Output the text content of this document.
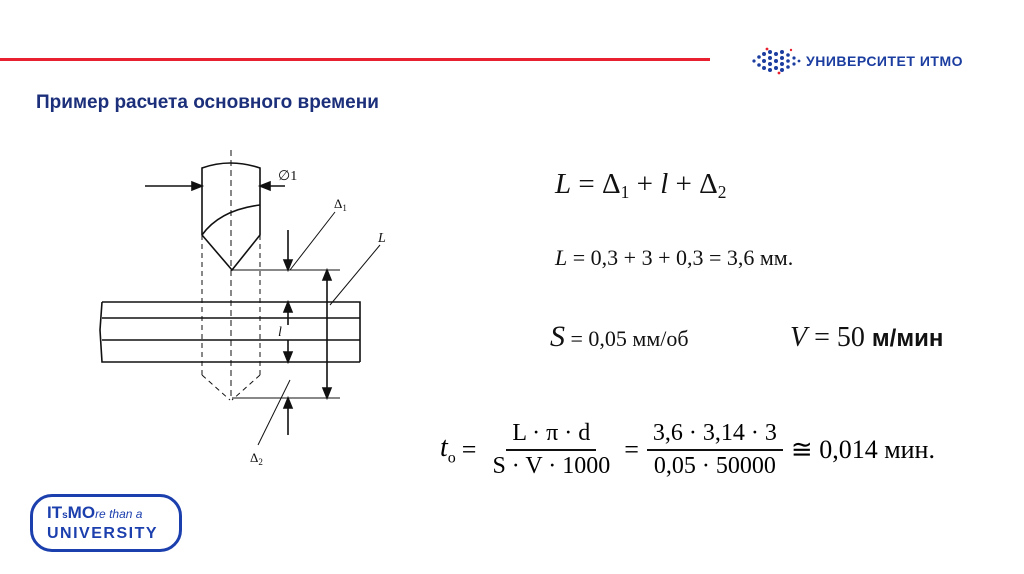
УНИВЕРСИТЕТ ИТМО
Пример расчета основного времени
∅1
$\Delta_1$
L
l
$\Delta_2$
$L = \Delta_1 + l + \Delta_2$
L = 0,3 + 3 + 0,3 = 3,6 мм.
S = 0,05 мм/об	V = 50 м/мин
$t_о = \frac{L \cdot \pi \cdot d}{S \cdot V \cdot 1000} = \frac{3,6 \cdot 3,14 \cdot 3}{0,05 \cdot 50000}$ ≅ 0,014 мин.
ITsMOre than a
UNIVERSITY
